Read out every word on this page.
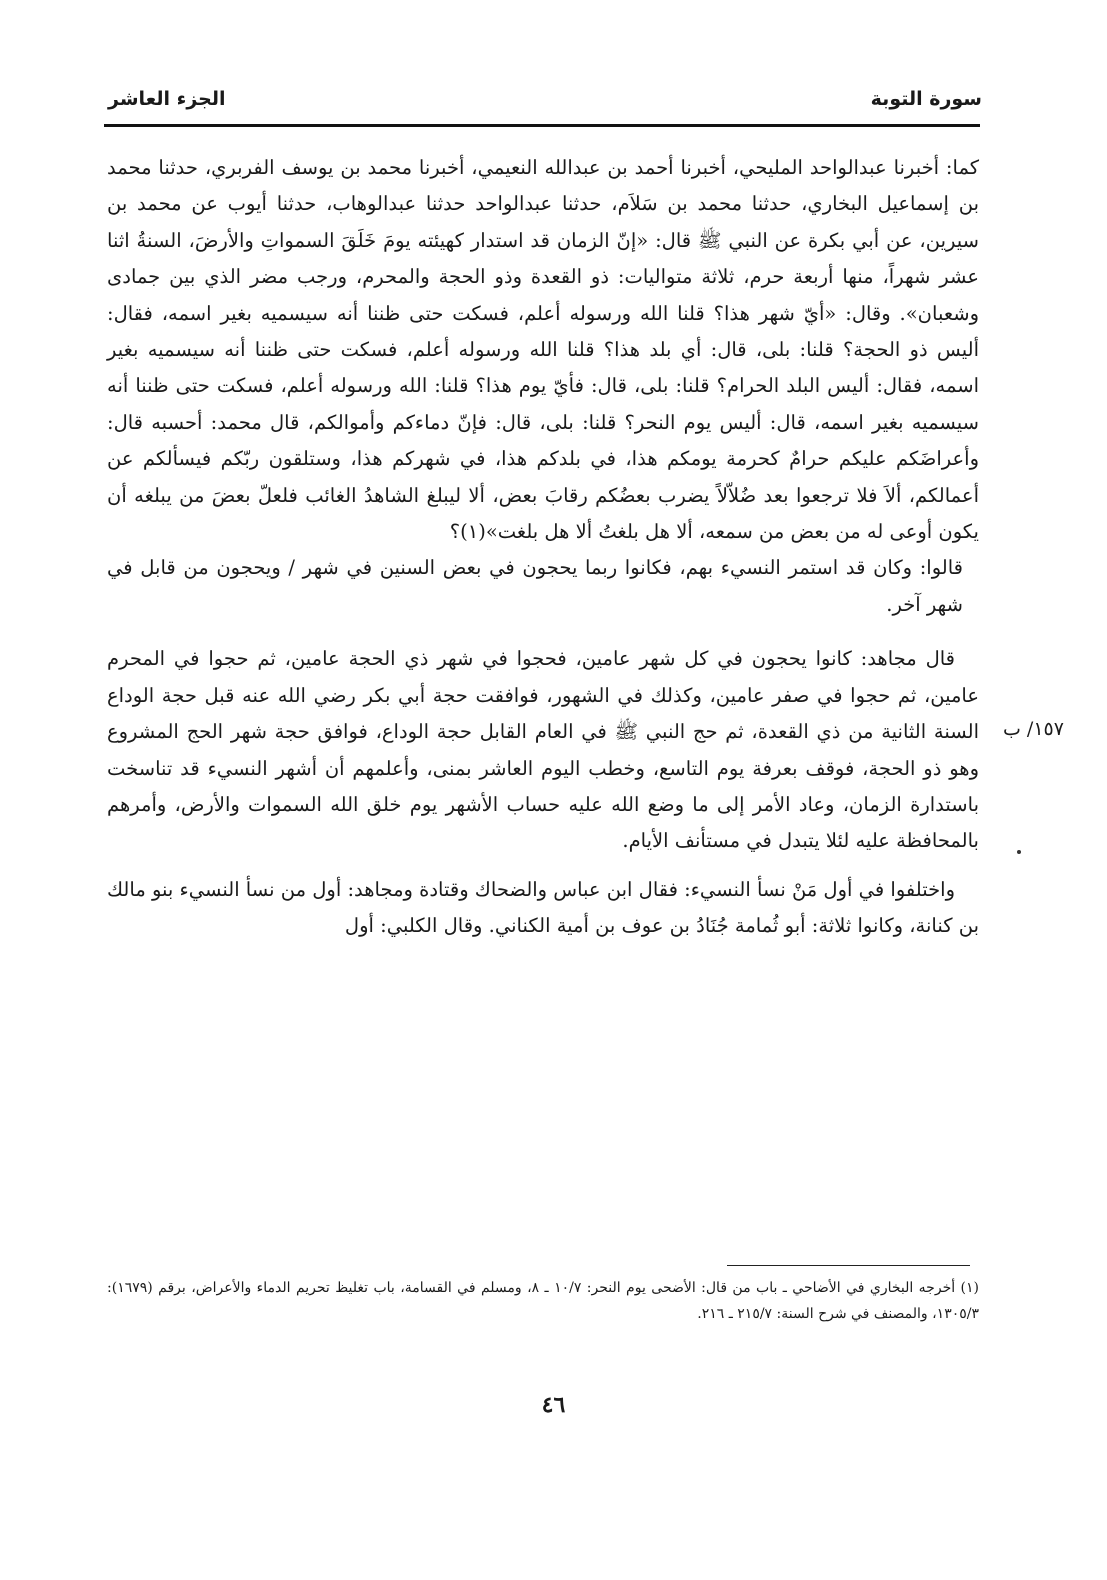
سورة التوبة
الجزء العاشر

كما: أخبرنا عبدالواحد المليحي، أخبرنا أحمد بن عبدالله النعيمي، أخبرنا محمد بن يوسف الفربري، حدثنا محمد بن إسماعيل البخاري، حدثنا محمد بن سَلاَم، حدثنا عبدالواحد حدثنا عبدالوهاب، حدثنا أيوب عن محمد بن سيرين، عن أبي بكرة عن النبي ﷺ قال: «إنّ الزمان قد استدار كهيئته يومَ خَلَقَ السمواتِ والأرضَ، السنةُ اثنا عشر شهراً، منها أربعة حرم، ثلاثة متواليات: ذو القعدة وذو الحجة والمحرم، ورجب مضر الذي بين جمادى وشعبان». وقال: «أيّ شهر هذا؟ قلنا الله ورسوله أعلم، فسكت حتى ظننا أنه سيسميه بغير اسمه، فقال: أليس ذو الحجة؟ قلنا: بلى، قال: أي بلد هذا؟ قلنا الله ورسوله أعلم، فسكت حتى ظننا أنه سيسميه بغير اسمه، فقال: أليس البلد الحرام؟ قلنا: بلى، قال: فأيّ يوم هذا؟ قلنا: الله ورسوله أعلم، فسكت حتى ظننا أنه سيسميه بغير اسمه، قال: أليس يوم النحر؟ قلنا: بلى، قال: فإنّ دماءكم وأموالكم، قال محمد: أحسبه قال: وأعراضَكم عليكم حرامٌ كحرمة يومكم هذا، في بلدكم هذا، في شهركم هذا، وستلقون ربّكم فيسألكم عن أعمالكم، ألاَ فلا ترجعوا بعد ضُلاّلاً يضرب بعضُكم رقابَ بعض، ألا ليبلغ الشاهدُ الغائب فلعلّ بعضَ من يبلغه أن يكون أوعى له من بعض من سمعه، ألا هل بلغتُ ألا هل بلغت»(١)؟

قالوا: وكان قد استمر النسيء بهم، فكانوا ربما يحجون في بعض السنين في شهر / ويحجون من قابل في شهر آخر.

قال مجاهد: كانوا يحجون في كل شهر عامين، فحجوا في شهر ذي الحجة عامين، ثم حجوا في المحرم عامين، ثم حجوا في صفر عامين، وكذلك في الشهور، فوافقت حجة أبي بكر رضي الله عنه قبل حجة الوداع السنة الثانية من ذي القعدة، ثم حج النبي ﷺ في العام القابل حجة الوداع، فوافق حجة شهر الحج المشروع وهو ذو الحجة، فوقف بعرفة يوم التاسع، وخطب اليوم العاشر بمنى، وأعلمهم أن أشهر النسيء قد تناسخت باستدارة الزمان، وعاد الأمر إلى ما وضع الله عليه حساب الأشهر يوم خلق الله السموات والأرض، وأمرهم بالمحافظة عليه لئلا يتبدل في مستأنف الأيام.

واختلفوا في أول مَنْ نسأ النسيء: فقال ابن عباس والضحاك وقتادة ومجاهد: أول من نسأ النسيء بنو مالك بن كنانة، وكانوا ثلاثة: أبو ثُمامة جُنَادُ بن عوف بن أمية الكناني. وقال الكلبي: أول

١٥٧/ ب
(١) أخرجه البخاري في الأضاحي ـ باب من قال: الأضحى يوم النحر: ١٠/٧ ـ ٨، ومسلم في القسامة، باب تغليظ تحريم الدماء والأعراض، برقم (١٦٧٩): ١٣٠٥/٣، والمصنف في شرح السنة: ٢١٥/٧ ـ ٢١٦.
٤٦
